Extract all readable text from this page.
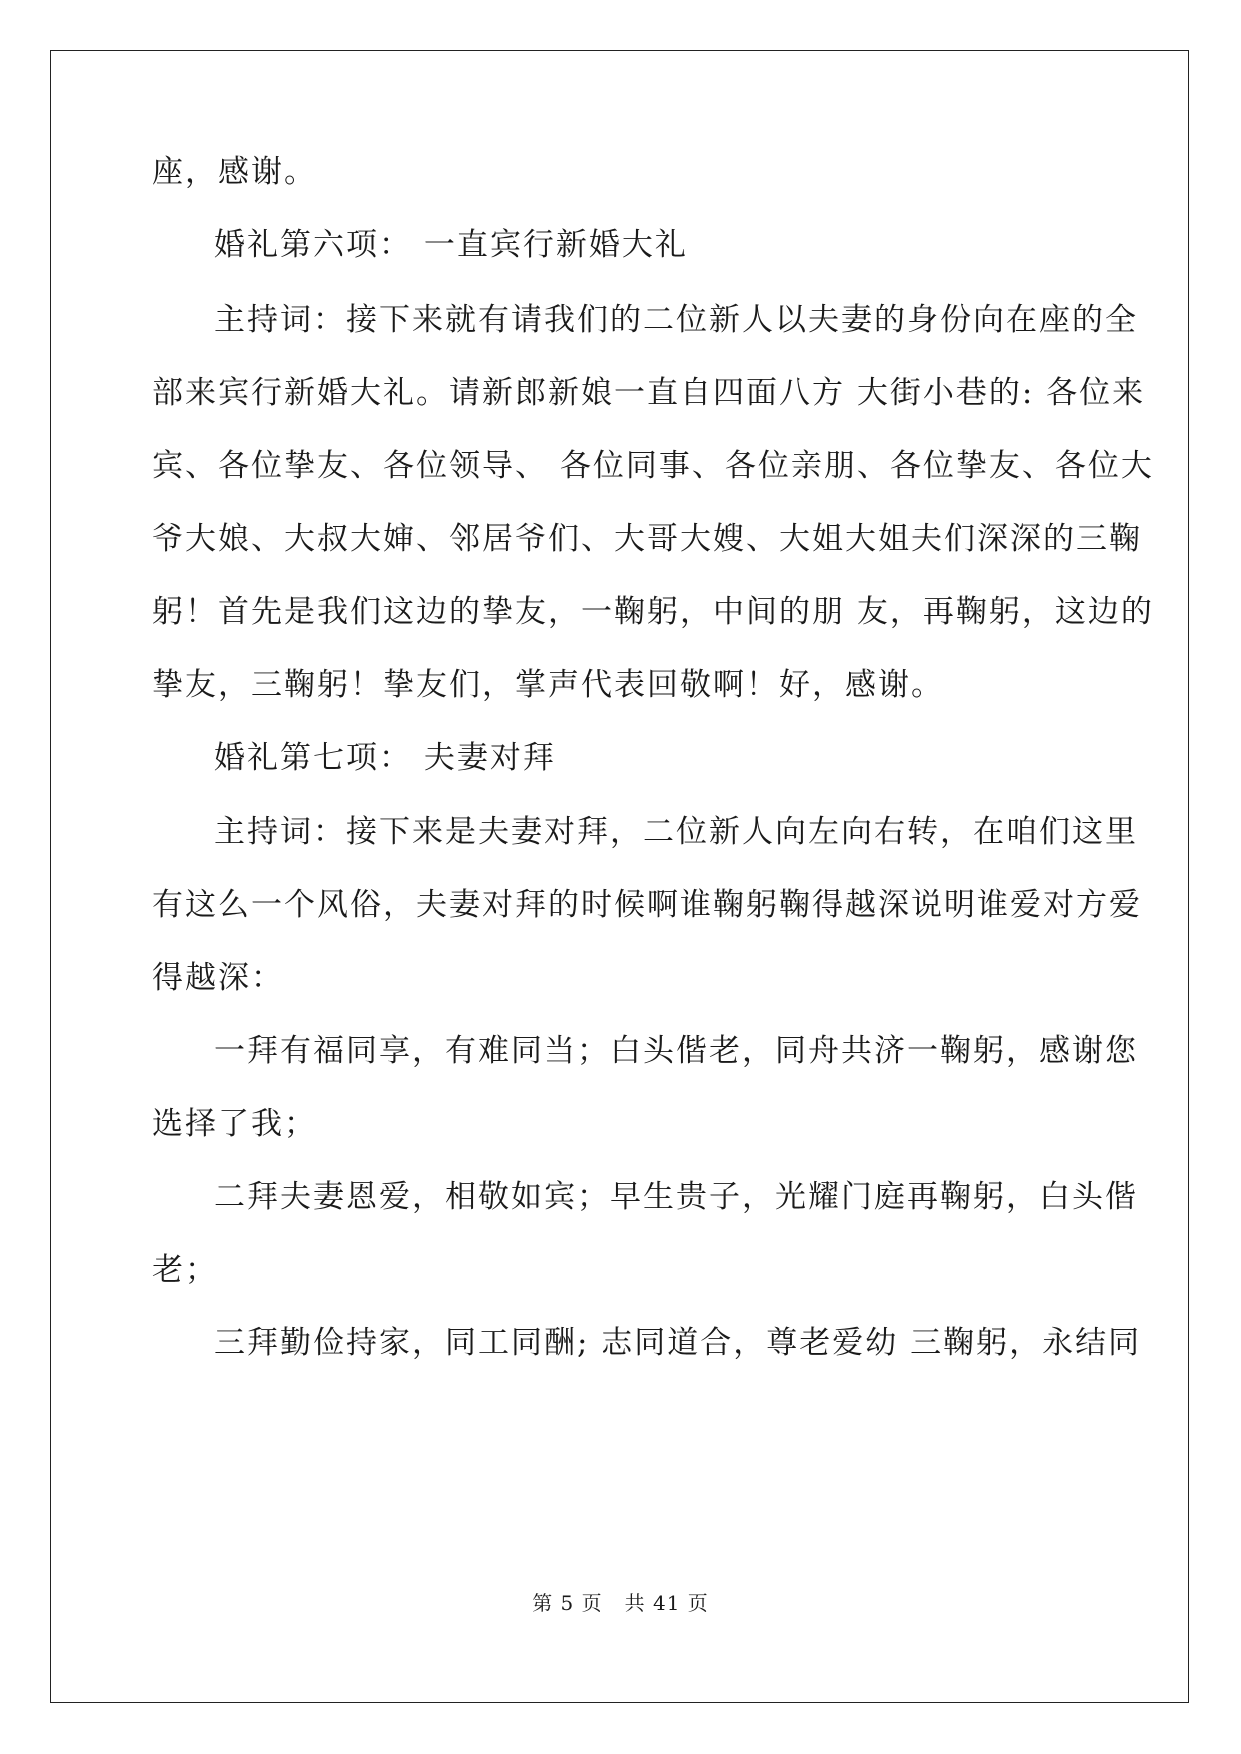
座，感谢。
婚礼第六项： 一直宾行新婚大礼
主持词：接下来就有请我们的二位新人以夫妻的身份向在座的全
部来宾行新婚大礼。请新郎新娘一直自四面八方 大街小巷的: 各位来
宾、各位挚友、各位领导、 各位同事、各位亲朋、各位挚友、各位大
爷大娘、大叔大婶、邻居爷们、大哥大嫂、大姐大姐夫们深深的三鞠
躬！首先是我们这边的挚友，一鞠躬，中间的朋 友，再鞠躬，这边的
挚友，三鞠躬！挚友们，掌声代表回敬啊！好，感谢。
婚礼第七项： 夫妻对拜
主持词：接下来是夫妻对拜，二位新人向左向右转，在咱们这里
有这么一个风俗，夫妻对拜的时候啊谁鞠躬鞠得越深说明谁爱对方爱
得越深：
一拜有福同享，有难同当；白头偕老，同舟共济一鞠躬，感谢您
选择了我；
二拜夫妻恩爱，相敬如宾；早生贵子，光耀门庭再鞠躬，白头偕
老；
三拜勤俭持家，同工同酬; 志同道合，尊老爱幼 三鞠躬，永结同
第 5 页 共 41 页
